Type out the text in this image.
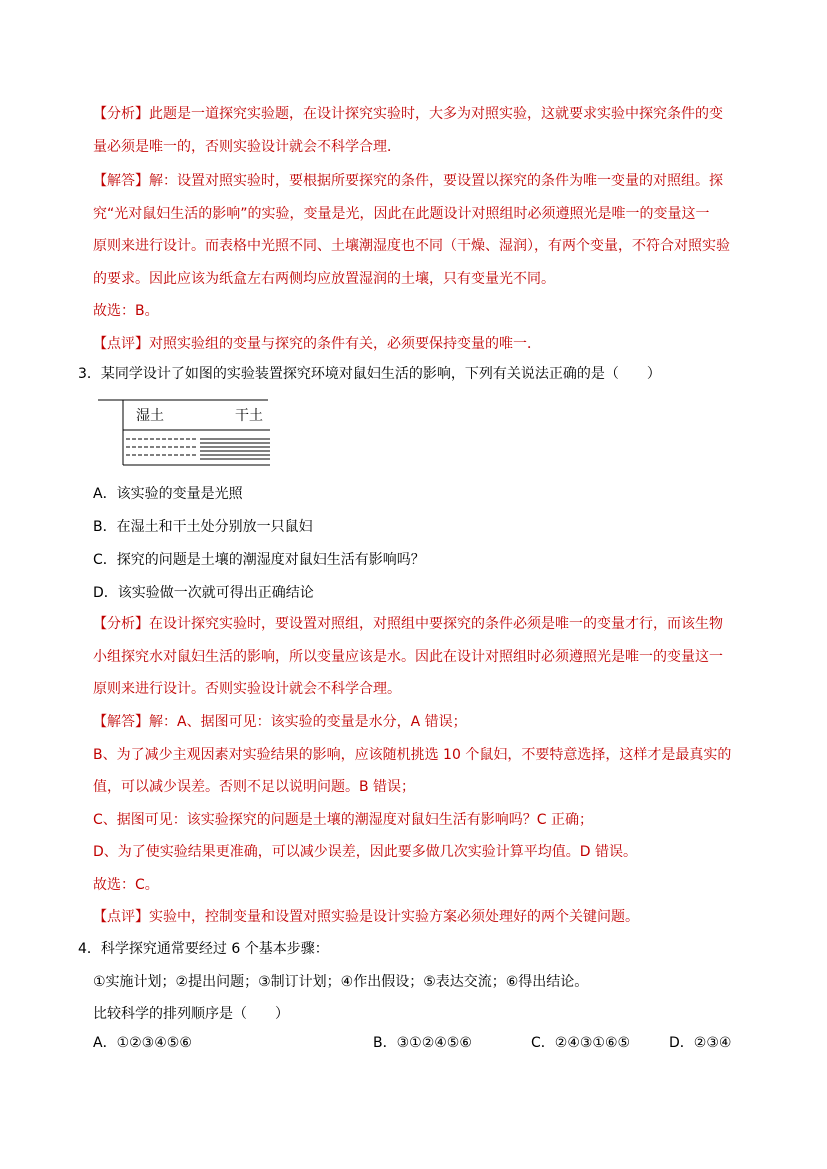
【分析】此题是一道探究实验题，在设计探究实验时，大多为对照实验，这就要求实验中探究条件的变
量必须是唯一的，否则实验设计就会不科学合理．
【解答】解：设置对照实验时，要根据所要探究的条件，要设置以探究的条件为唯一变量的对照组。探
究“光对鼠妇生活的影响”的实验，变量是光，因此在此题设计对照组时必须遵照光是唯一的变量这一
原则来进行设计。而表格中光照不同、土壤潮湿度也不同（干燥、湿润），有两个变量，不符合对照实验
的要求。因此应该为纸盒左右两侧均应放置湿润的土壤，只有变量光不同。
故选：B。
【点评】对照实验组的变量与探究的条件有关，必须要保持变量的唯一．
3．某同学设计了如图的实验装置探究环境对鼠妇生活的影响，下列有关说法正确的是（　　）
湿土	干土
A．该实验的变量是光照
B．在湿土和干土处分别放一只鼠妇
C．探究的问题是土壤的潮湿度对鼠妇生活有影响吗？
D．该实验做一次就可得出正确结论
【分析】在设计探究实验时，要设置对照组，对照组中要探究的条件必须是唯一的变量才行，而该生物
小组探究水对鼠妇生活的影响，所以变量应该是水。因此在设计对照组时必须遵照光是唯一的变量这一
原则来进行设计。否则实验设计就会不科学合理。
【解答】解：A、据图可见：该实验的变量是水分，A 错误；
B、为了减少主观因素对实验结果的影响，应该随机挑选 10 个鼠妇，不要特意选择，这样才是最真实的
值，可以减少误差。否则不足以说明问题。B 错误；
C、据图可见：该实验探究的问题是土壤的潮湿度对鼠妇生活有影响吗？C 正确；
D、为了使实验结果更准确，可以减少误差，因此要多做几次实验计算平均值。D 错误。
故选：C。
【点评】实验中，控制变量和设置对照实验是设计实验方案必须处理好的两个关键问题。
4．科学探究通常要经过 6 个基本步骤：
①实施计划；②提出问题；③制订计划；④作出假设；⑤表达交流；⑥得出结论。
比较科学的排列顺序是（　　）
A．①②③④⑤⑥	B．③①②④⑤⑥	C．②④③①⑥⑤	D．②③④
